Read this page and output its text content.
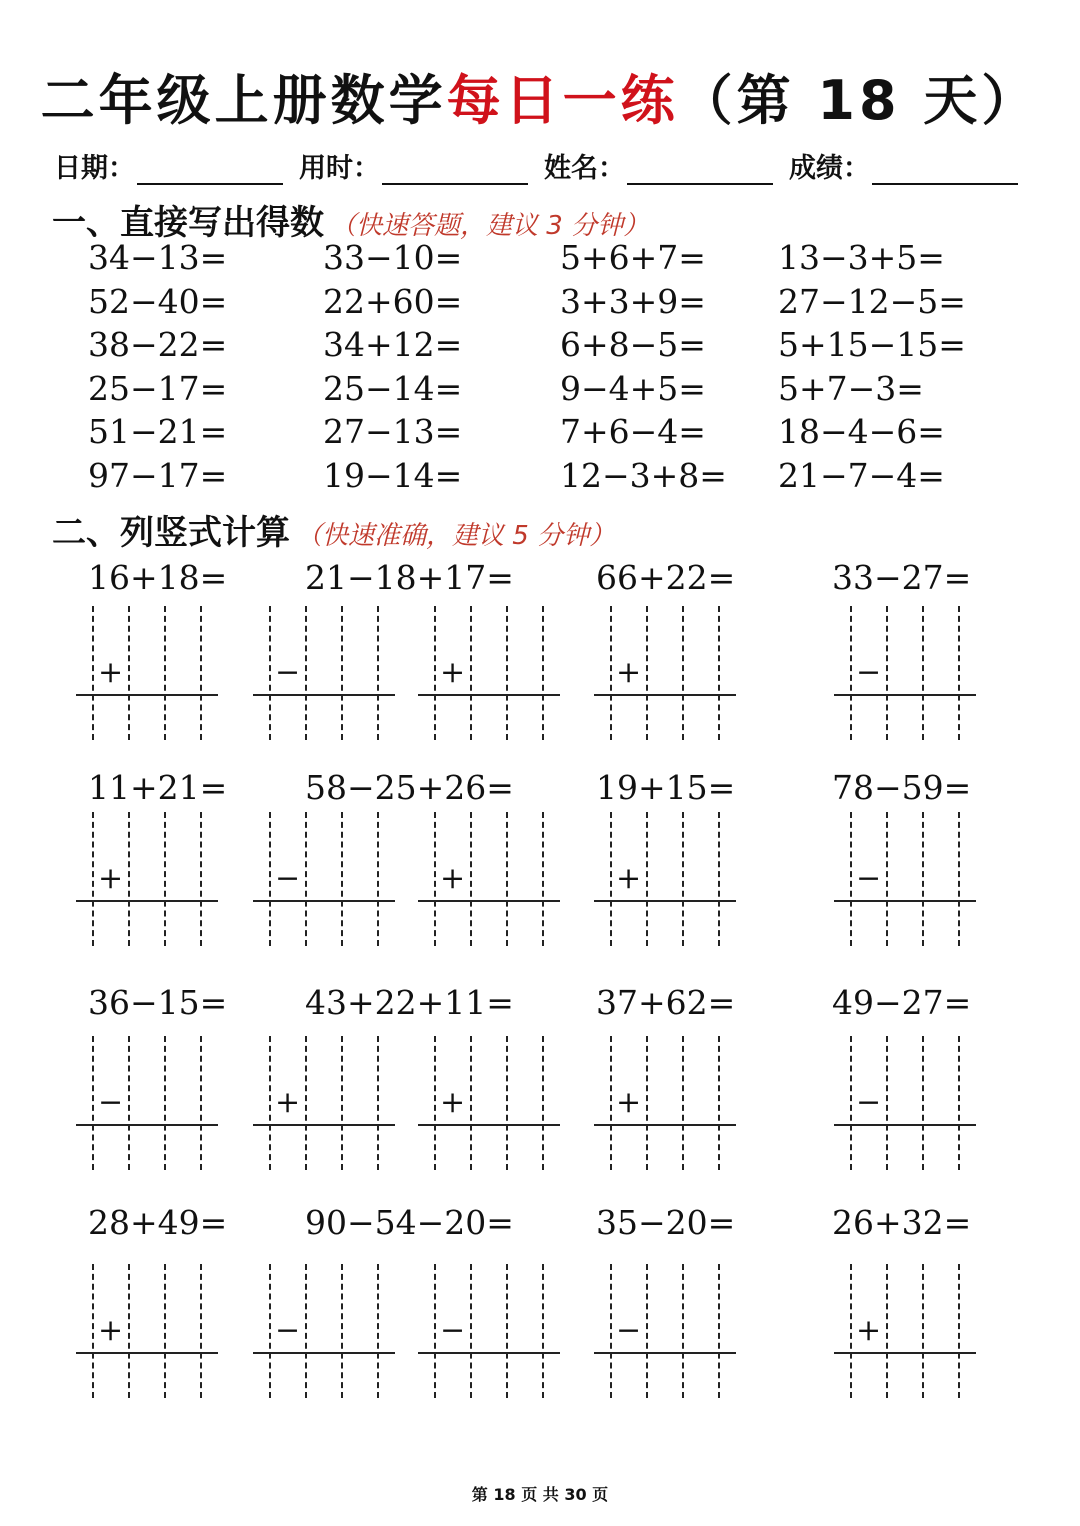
二年级上册数学每日一练（第 18 天）
日期：	用时：	姓名：	成绩：
一、直接写出得数 （快速答题，建议 3 分钟）
34−13=	33−10=	5+6+7= 13−3+5=
52−40=	22+60=	3+3+9= 27−12−5=
38−22=	34+12=	6+8−5= 5+15−15=
25−17=	25−14=	9−4+5= 5+7−3=
51−21=	27−13=	7+6−4= 18−4−6=
97−17=	19−14=	12−3+8= 21−7−4=
二、列竖式计算 （快速准确，建议 5 分钟）
16+18= 21−18+17= 66+22=	33−27=
+	−	+	+	−
11+21= 58−25+26= 19+15=	78−59=
+	−	+	+	−
36−15= 43+22+11= 37+62=	49−27=
−	+	+	+	−
28+49= 90−54−20= 35−20=	26+32=
+	−	−	−	+
第 18 页 共 30 页
